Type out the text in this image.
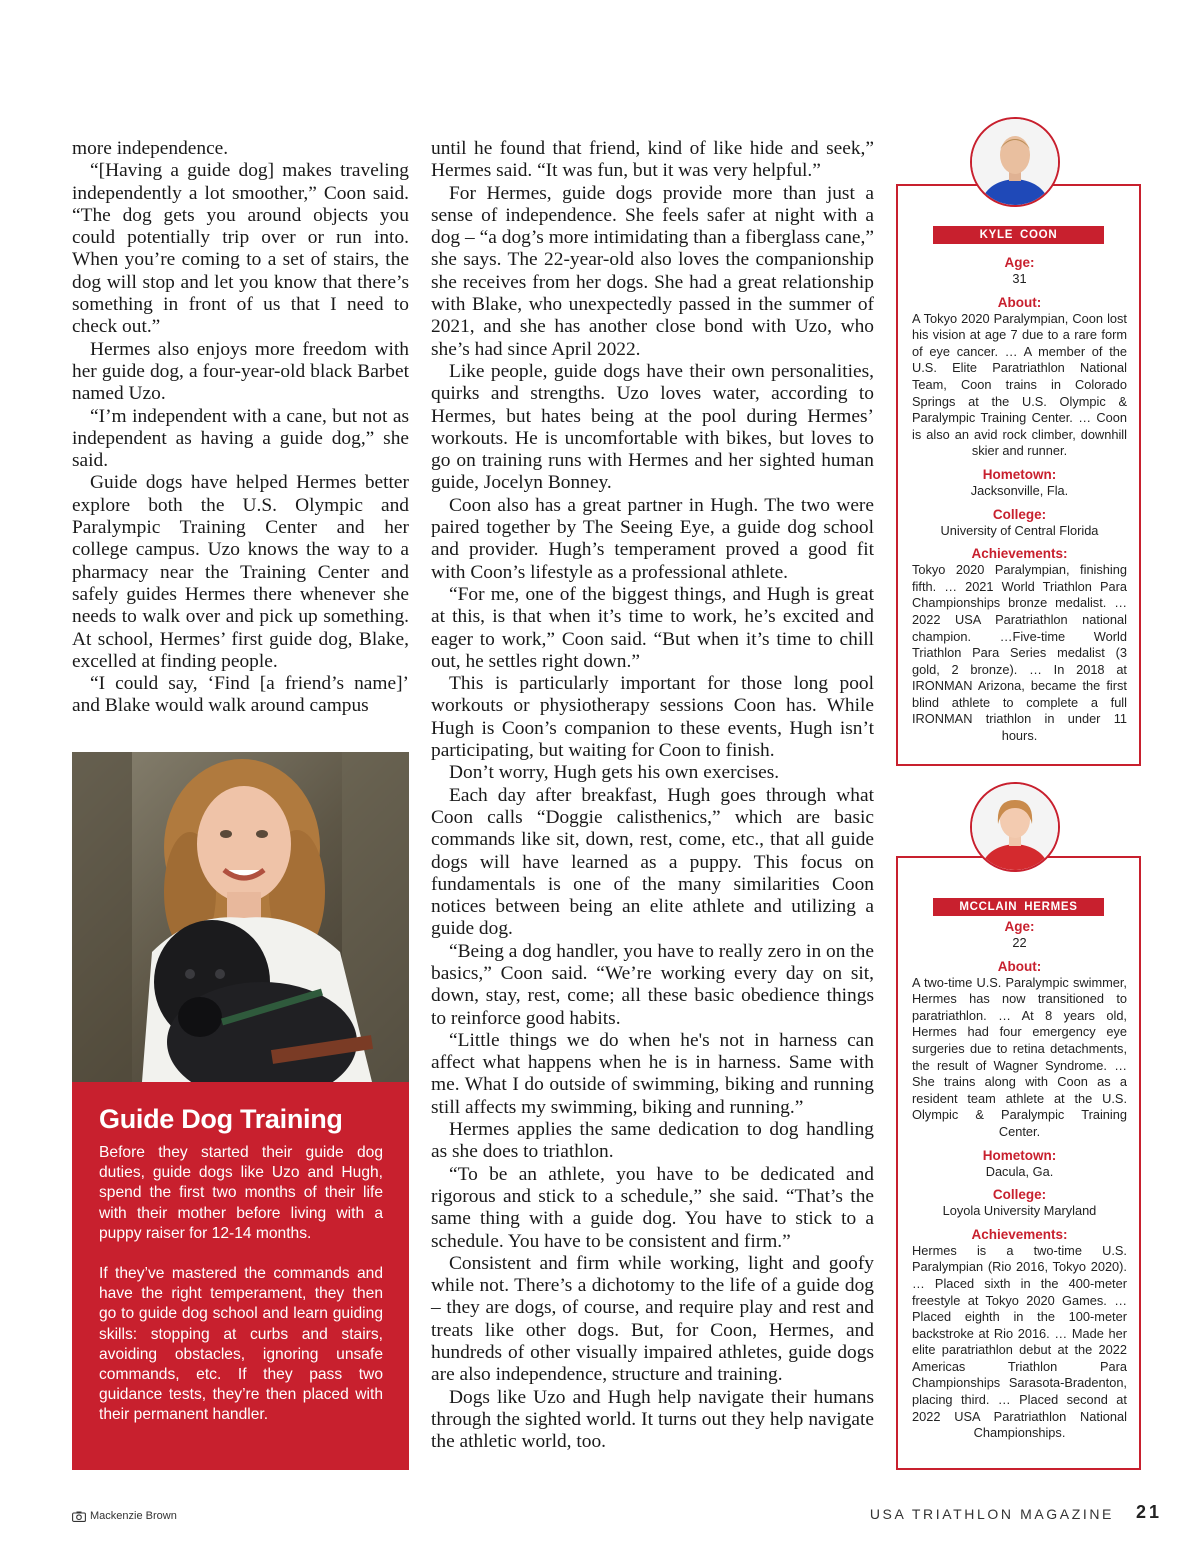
more independence.

“[Having a guide dog] makes traveling independently a lot smoother,” Coon said. “The dog gets you around objects you could potentially trip over or run into. When you’re coming to a set of stairs, the dog will stop and let you know that there’s something in front of us that I need to check out.”

Hermes also enjoys more freedom with her guide dog, a four-year-old black Barbet named Uzo.

“I’m independent with a cane, but not as independent as having a guide dog,” she said.

Guide dogs have helped Hermes better explore both the U.S. Olympic and Paralympic Training Center and her college campus. Uzo knows the way to a pharmacy near the Training Center and safely guides Hermes there whenever she needs to walk over and pick up something. At school, Hermes’ first guide dog, Blake, excelled at finding people.

“I could say, ‘Find [a friend’s name]’ and Blake would walk around campus

Guide Dog Training

Before they started their guide dog duties, guide dogs like Uzo and Hugh, spend the first two months of their life with their mother before living with a puppy raiser for 12-14 months.

If they’ve mastered the commands and have the right temperament, they then go to guide dog school and learn guiding skills: stopping at curbs and stairs, avoiding obstacles, ignoring unsafe commands, etc. If they pass two guidance tests, they’re then placed with their permanent handler.

until he found that friend, kind of like hide and seek,” Hermes said. “It was fun, but it was very helpful.”

For Hermes, guide dogs provide more than just a sense of independence. She feels safer at night with a dog – “a dog’s more intimidating than a fiberglass cane,” she says. The 22-year-old also loves the companionship she receives from her dogs. She had a great relationship with Blake, who unexpectedly passed in the summer of 2021, and she has another close bond with Uzo, who she’s had since April 2022.

Like people, guide dogs have their own personalities, quirks and strengths. Uzo loves water, according to Hermes, but hates being at the pool during Hermes’ workouts. He is uncomfortable with bikes, but loves to go on training runs with Hermes and her sighted human guide, Jocelyn Bonney.

Coon also has a great partner in Hugh. The two were paired together by The Seeing Eye, a guide dog school and provider. Hugh’s temperament proved a good fit with Coon’s lifestyle as a professional athlete.

“For me, one of the biggest things, and Hugh is great at this, is that when it’s time to work, he’s excited and eager to work,” Coon said. “But when it’s time to chill out, he settles right down.”

This is particularly important for those long pool workouts or physiotherapy sessions Coon has. While Hugh is Coon’s companion to these events, Hugh isn’t participating, but waiting for Coon to finish.

Don’t worry, Hugh gets his own exercises.

Each day after breakfast, Hugh goes through what Coon calls “Doggie calisthenics,” which are basic commands like sit, down, rest, come, etc., that all guide dogs will have learned as a puppy. This focus on fundamentals is one of the many similarities Coon notices between being an elite athlete and utilizing a guide dog.

“Being a dog handler, you have to really zero in on the basics,” Coon said. “We’re working every day on sit, down, stay, rest, come; all these basic obedience things to reinforce good habits.

“Little things we do when he's not in harness can affect what happens when he is in harness. Same with me. What I do outside of swimming, biking and running still affects my swimming, biking and running.”

Hermes applies the same dedication to dog handling as she does to triathlon.

“To be an athlete, you have to be dedicated and rigorous and stick to a schedule,” she said. “That’s the same thing with a guide dog. You have to stick to a schedule. You have to be consistent and firm.”

Consistent and firm while working, light and goofy while not. There’s a dichotomy to the life of a guide dog – they are dogs, of course, and require play and rest and treats like other dogs. But, for Coon, Hermes, and hundreds of other visually impaired athletes, guide dogs are also independence, structure and training.

Dogs like Uzo and Hugh help navigate their humans through the sighted world. It turns out they help navigate the athletic world, too.

KYLE COON
Age:
31
About:
A Tokyo 2020 Paralympian, Coon lost his vision at age 7 due to a rare form of eye cancer. … A member of the U.S. Elite Paratriathlon National Team, Coon trains in Colorado Springs at the U.S. Olympic & Paralympic Training Center. … Coon is also an avid rock climber, downhill skier and runner.
Hometown:
Jacksonville, Fla.
College:
University of Central Florida
Achievements:
Tokyo 2020 Paralympian, finishing fifth. … 2021 World Triathlon Para Championships bronze medalist. … 2022 USA Paratriathlon national champion. …Five-time World Triathlon Para Series medalist (3 gold, 2 bronze). … In 2018 at IRONMAN Arizona, became the first blind athlete to complete a full IRONMAN triathlon in under 11 hours.
MCCLAIN HERMES
Age:
22
About:
A two-time U.S. Paralympic swimmer, Hermes has now transitioned to paratriathlon. … At 8 years old, Hermes had four emergency eye surgeries due to retina detachments, the result of Wagner Syndrome. … She trains along with Coon as a resident team athlete at the U.S. Olympic & Paralympic Training Center.
Hometown:
Dacula, Ga.
College:
Loyola University Maryland
Achievements:
Hermes is a two-time U.S. Paralympian (Rio 2016, Tokyo 2020). … Placed sixth in the 400-meter freestyle at Tokyo 2020 Games. … Placed eighth in the 100-meter backstroke at Rio 2016. … Made her elite paratriathlon debut at the 2022 Americas Triathlon Para Championships Sarasota-Bradenton, placing third. … Placed second at 2022 USA Paratriathlon National Championships.
Mackenzie Brown	USA TRIATHLON MAGAZINE 21
